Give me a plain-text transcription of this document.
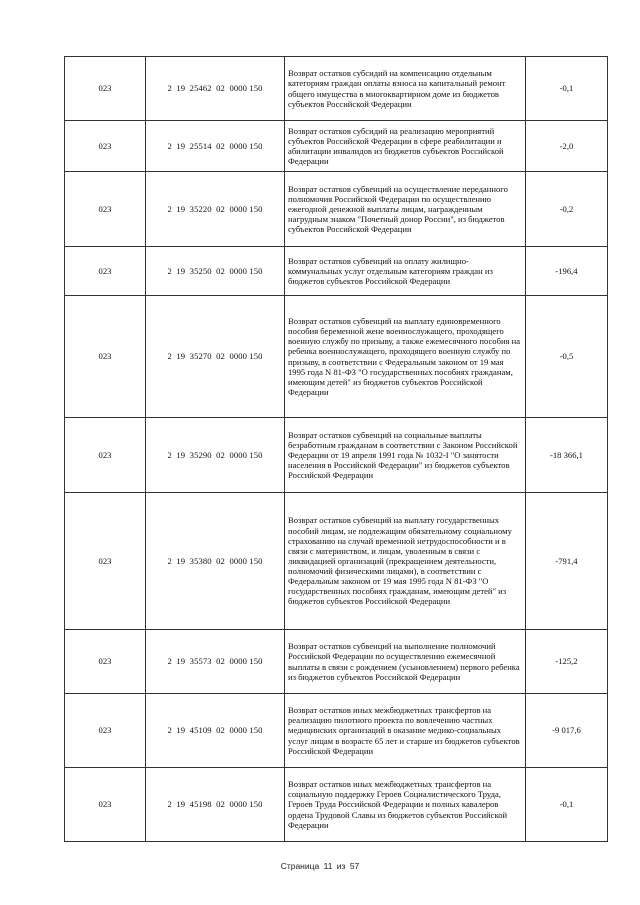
023	2  19  25462  02  0000 150	Возврат остатков субсидий на компенсацию отдельным категориям граждан оплаты взноса на капитальный ремонт общего имущества в многоквартирном доме из бюджетов субъектов Российской Федерации	-0,1
023	2  19  25514  02  0000 150	Возврат остатков субсидий на реализацию мероприятий субъектов Российской Федерации в сфере реабилитации и абилитации инвалидов из бюджетов субъектов Российской Федерации	-2,0
023	2  19  35220  02  0000 150	Возврат остатков субвенций на осуществление переданного полномочия Российской Федерации по осуществлению ежегодной денежной выплаты лицам, награжденным нагрудным знаком "Почетный донор России", из бюджетов субъектов Российской Федерации	-0,2
023	2  19  35250  02  0000 150	Возврат остатков субвенций на оплату жилищно-коммунальных услуг отдельным категориям граждан из бюджетов субъектов Российской Федерации	-196,4
023	2  19  35270  02  0000 150	Возврат остатков субвенций на выплату единовременного пособия беременной жене военнослужащего, проходящего военную службу по призыву, а также ежемесячного пособия на ребенка военнослужащего, проходящего военную службу по призыву, в соответствии с Федеральным законом от 19 мая 1995 года N 81-ФЗ "О государственных пособиях гражданам, имеющим детей" из бюджетов субъектов Российской Федерации	-0,5
023	2  19  35290  02  0000 150	Возврат остатков субвенций на социальные выплаты безработным гражданам в соответствии с Законом Российской Федерации от 19 апреля 1991 года № 1032-I "О занятости населения в Российской Федерации" из бюджетов субъектов Российской Федерации	-18 366,1
023	2  19  35380  02  0000 150	Возврат остатков субвенций на выплату государственных пособий лицам, не подлежащим обязательному социальному страхованию на случай временной нетрудоспособности и в связи с материнством, и лицам, уволенным в связи с ликвидацией организаций (прекращением деятельности, полномочий физическими лицами), в соответствии с Федеральным законом от 19 мая 1995 года N 81-ФЗ "О государственных пособиях гражданам, имеющим детей" из бюджетов субъектов Российской Федерации	-791,4
023	2  19  35573  02  0000 150	Возврат остатков субвенций на выполнение полномочий Российской Федерации по осуществлению ежемесячной выплаты в связи с рождением (усыновлением) первого ребенка из бюджетов субъектов Российской Федерации	-125,2
023	2  19  45109  02  0000 150	Возврат остатков иных межбюджетных трансфертов на реализацию пилотного проекта по вовлечению частных медицинских организаций в оказание медико-социальных услуг лицам в возрасте 65 лет и старше из бюджетов субъектов Российской Федерации	-9 017,6
023	2  19  45198  02  0000 150	Возврат остатков иных межбюджетных трансфертов на социальную поддержку Героев Социалистического Труда, Героев Труда Российской Федерации и полных кавалеров ордена Трудовой Славы из бюджетов субъектов Российской Федерации	-0,1
Страница 11 из 57
